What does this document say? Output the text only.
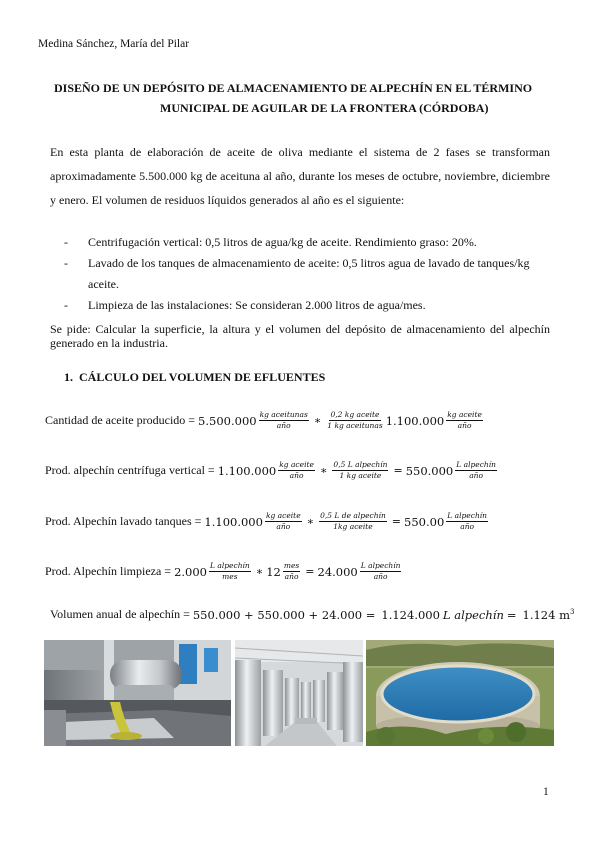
Medina Sánchez, María del Pilar
DISEÑO DE UN DEPÓSITO DE ALMACENAMIENTO DE ALPECHÍN EN EL TÉRMINO
MUNICIPAL DE AGUILAR DE LA FRONTERA (CÓRDOBA)

En esta planta de elaboración de aceite de oliva mediante el sistema de 2 fases se transforman aproximadamente 5.500.000 kg de aceituna al año, durante los meses de octubre, noviembre, diciembre y enero. El volumen de residuos líquidos generados al año es el siguiente:

- Centrifugación vertical: 0,5 litros de agua/kg de aceite. Rendimiento graso: 20%.
- Lavado de los tanques de almacenamiento de aceite: 0,5 litros agua de lavado de tanques/kg aceite.
- Limpieza de las instalaciones: Se consideran 2.000 litros de agua/mes.

Se pide: Calcular la superficie, la altura y el volumen del depósito de almacenamiento del alpechín generado en la industria.

1. CÁLCULO DEL VOLUMEN DE EFLUENTES
Cantidad de aceite producido =
$5.500.000 \frac{\text{kg aceitunas}}{\text{año}}$ ∗ $\frac{\text{0,2 kg aceite}}{\text{1 kg aceitunas}} 1.100.000 \frac{\text{kg aceite}}{\text{año}}$
Prod. alpechín centrífuga vertical =
$1.100.000 \frac{\text{kg aceite}}{\text{año}}$ ∗ $\frac{\text{0,5 L alpechín}}{\text{1 kg aceite}} = 550.000 \frac{\text{L alpechín}}{\text{año}}$
Prod. Alpechín lavado tanques =
$1.100.000 \frac{\text{kg aceite}}{\text{año}}$ ∗ $\frac{\text{0,5 L de alpechín}}{\text{1kg aceite}} = 550.00 \frac{\text{L alpechín}}{\text{año}}$
Prod. Alpechín limpieza =
$2.000 \frac{\text{L alpechín}}{\text{mes}}$ ∗ $12 \frac{\text{mes}}{\text{año}} = 24.000 \frac{\text{L alpechín}}{\text{año}}$
Volumen anual de alpechín =
550.000 + 550.000 + 24.000 =
1.124.000
L alpechín
=
1.124 $m^3$
1
